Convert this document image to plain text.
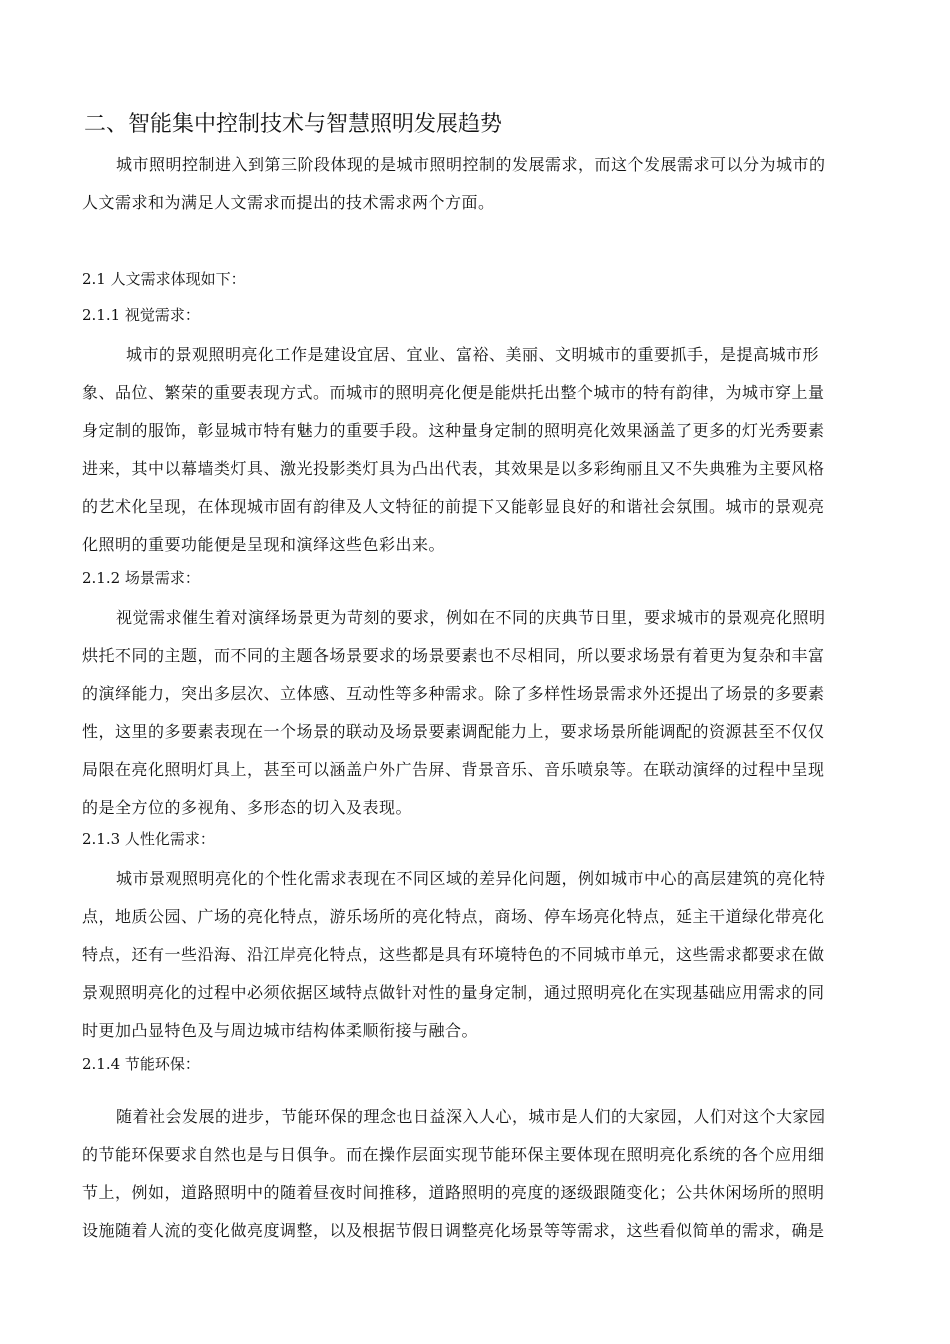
二、智能集中控制技术与智慧照明发展趋势
城市照明控制进入到第三阶段体现的是城市照明控制的发展需求，而这个发展需求可以分为城市的
人文需求和为满足人文需求而提出的技术需求两个方面。
2.1 人文需求体现如下：
2.1.1 视觉需求：
城市的景观照明亮化工作是建设宜居、宜业、富裕、美丽、文明城市的重要抓手，是提高城市形
象、品位、繁荣的重要表现方式。而城市的照明亮化便是能烘托出整个城市的特有韵律，为城市穿上量
身定制的服饰，彰显城市特有魅力的重要手段。这种量身定制的照明亮化效果涵盖了更多的灯光秀要素
进来，其中以幕墙类灯具、激光投影类灯具为凸出代表，其效果是以多彩绚丽且又不失典雅为主要风格
的艺术化呈现，在体现城市固有韵律及人文特征的前提下又能彰显良好的和谐社会氛围。城市的景观亮
化照明的重要功能便是呈现和演绎这些色彩出来。
2.1.2 场景需求：
视觉需求催生着对演绎场景更为苛刻的要求，例如在不同的庆典节日里，要求城市的景观亮化照明
烘托不同的主题，而不同的主题各场景要求的场景要素也不尽相同，所以要求场景有着更为复杂和丰富
的演绎能力，突出多层次、立体感、互动性等多种需求。除了多样性场景需求外还提出了场景的多要素
性，这里的多要素表现在一个场景的联动及场景要素调配能力上，要求场景所能调配的资源甚至不仅仅
局限在亮化照明灯具上，甚至可以涵盖户外广告屏、背景音乐、音乐喷泉等。在联动演绎的过程中呈现
的是全方位的多视角、多形态的切入及表现。
2.1.3 人性化需求：
城市景观照明亮化的个性化需求表现在不同区域的差异化问题，例如城市中心的高层建筑的亮化特
点，地质公园、广场的亮化特点，游乐场所的亮化特点，商场、停车场亮化特点，延主干道绿化带亮化
特点，还有一些沿海、沿江岸亮化特点，这些都是具有环境特色的不同城市单元，这些需求都要求在做
景观照明亮化的过程中必须依据区域特点做针对性的量身定制，通过照明亮化在实现基础应用需求的同
时更加凸显特色及与周边城市结构体柔顺衔接与融合。
2.1.4 节能环保：
随着社会发展的进步，节能环保的理念也日益深入人心，城市是人们的大家园，人们对这个大家园
的节能环保要求自然也是与日俱争。而在操作层面实现节能环保主要体现在照明亮化系统的各个应用细
节上，例如，道路照明中的随着昼夜时间推移，道路照明的亮度的逐级跟随变化；公共休闲场所的照明
设施随着人流的变化做亮度调整，以及根据节假日调整亮化场景等等需求，这些看似简单的需求，确是
